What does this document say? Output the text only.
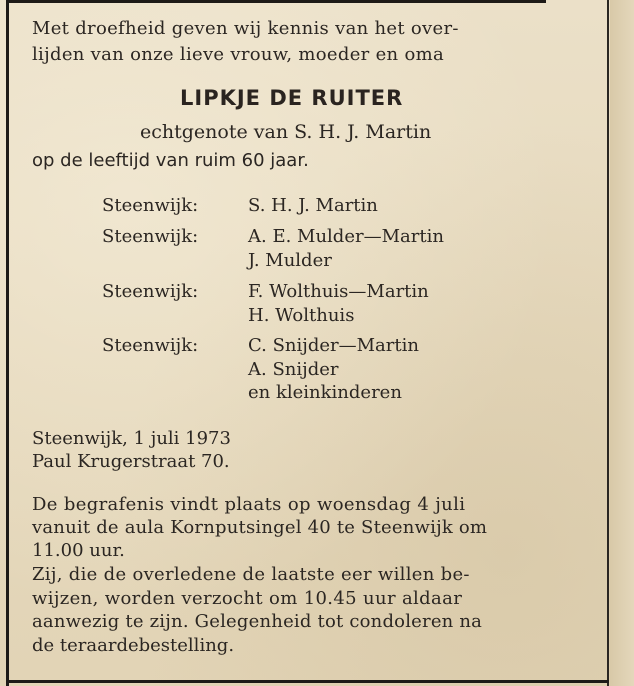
Met droefheid geven wij kennis van het over-
lijden van onze lieve vrouw, moeder en oma
LIPKJE DE RUITER
echtgenote van S. H. J. Martin
op de leeftijd van ruim 60 jaar.
Steenwijk:	S. H. J. Martin
Steenwijk:	A. E. Mulder—Martin
J. Mulder
Steenwijk:	F. Wolthuis—Martin
H. Wolthuis
Steenwijk:	C. Snijder—Martin
A. Snijder
en kleinkinderen
Steenwijk, 1 juli 1973
Paul Krugerstraat 70.
De begrafenis vindt plaats op woensdag 4 juli
vanuit de aula Kornputsingel 40 te Steenwijk om
11.00 uur.
Zij, die de overledene de laatste eer willen be-
wijzen, worden verzocht om 10.45 uur aldaar
aanwezig te zijn. Gelegenheid tot condoleren na
de teraardebestelling.
